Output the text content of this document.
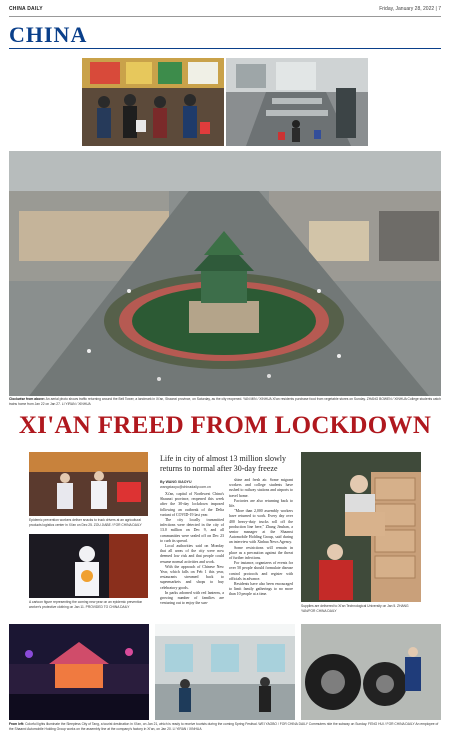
CHINA DAILY	Friday, January 28, 2022 | 7
CHINA
Clockwise from above: An aerial photo shows traffic returning around the Bell Tower, a landmark in Xi'an, Shaanxi province, on Saturday, as the city reopened. YAN MIN / XINHUA Xi'an residents purchase food from vegetable stores on Sunday. ZHANG BOWEN / XINHUA College students catch trains home from Jan 22 on Jan 27. LI YIRAN / XINHUA
XI'AN FREED FROM LOCKDOWN
Epidemic prevention workers deliver snacks to truck drivers at an agricultural products logistics center in Xi'an on Dec 25. ZOU JIABE / FOR CHINA DAILY
A cartoon figure representing the coming new year on an epidemic prevention worker's protective clothing on Jan 11. PROVIDED TO CHINA DAILY
Life in city of almost 13 million slowly returns to normal after 30-day freeze
By WANG XIAOYU
wangxiaoyu@chinadaily.com.cn

Xi'an, capital of Northwest China's Shaanxi province, reopened this week after the 30-day lockdown imposed following an outbreak of the Delta variant of COVID-19 last year.

The city locally transmitted infections were detected in the city of 13.0 million on Dec 9, and all communities were sealed off on Dec 23 to curb its spread.

Local authorities said on Monday that all areas of the city were now deemed low risk and that people could resume normal activities and work.

With the approach of Chinese New Year, which falls on Feb 1 this year, restaurants streamed back to supermarkets and shops to buy celebratory goods.

In parks adorned with red lanterns, a growing number of families are venturing out to enjoy the sun-

shine and fresh air. Some migrant workers and college students have rushed to railway stations and airports to travel home.

Factories are also returning back to life.

"More than 2,000 assembly workers have returned to work. Every day over 400 heavy-duty trucks roll off the production line here," Zhang Jinshan, a senior manager at the Shaanxi Automobile Holding Group, said during an interview with Xinhua News Agency.

Some restrictions will remain in place as a precaution against the threat of further infections.

For instance, organizers of events for over 50 people should formulate disease control protocols and register with officials in advance.

Residents have also been encouraged to limit family gatherings to no more than 10 people at a time.

Supplies are delivered to Xi'an Technological University on Jan 5. ZHANG YAN/FOR CHINA DAILY
From left: Colorful lights illuminate the Sleepless City of Tang, a tourist destination in Xi'an, on Jan 21, which is ready to receive tourists during the coming Spring Festival. WEI YAOBO / FOR CHINA DAILY Commuters ride the subway on Sunday. FENG HUI / FOR CHINA DAILY An employee of the Shaanxi Automobile Holding Group works on the assembly line at the company's factory in Xi'an, on Jan 20. LI YIRAN / XINHUA
